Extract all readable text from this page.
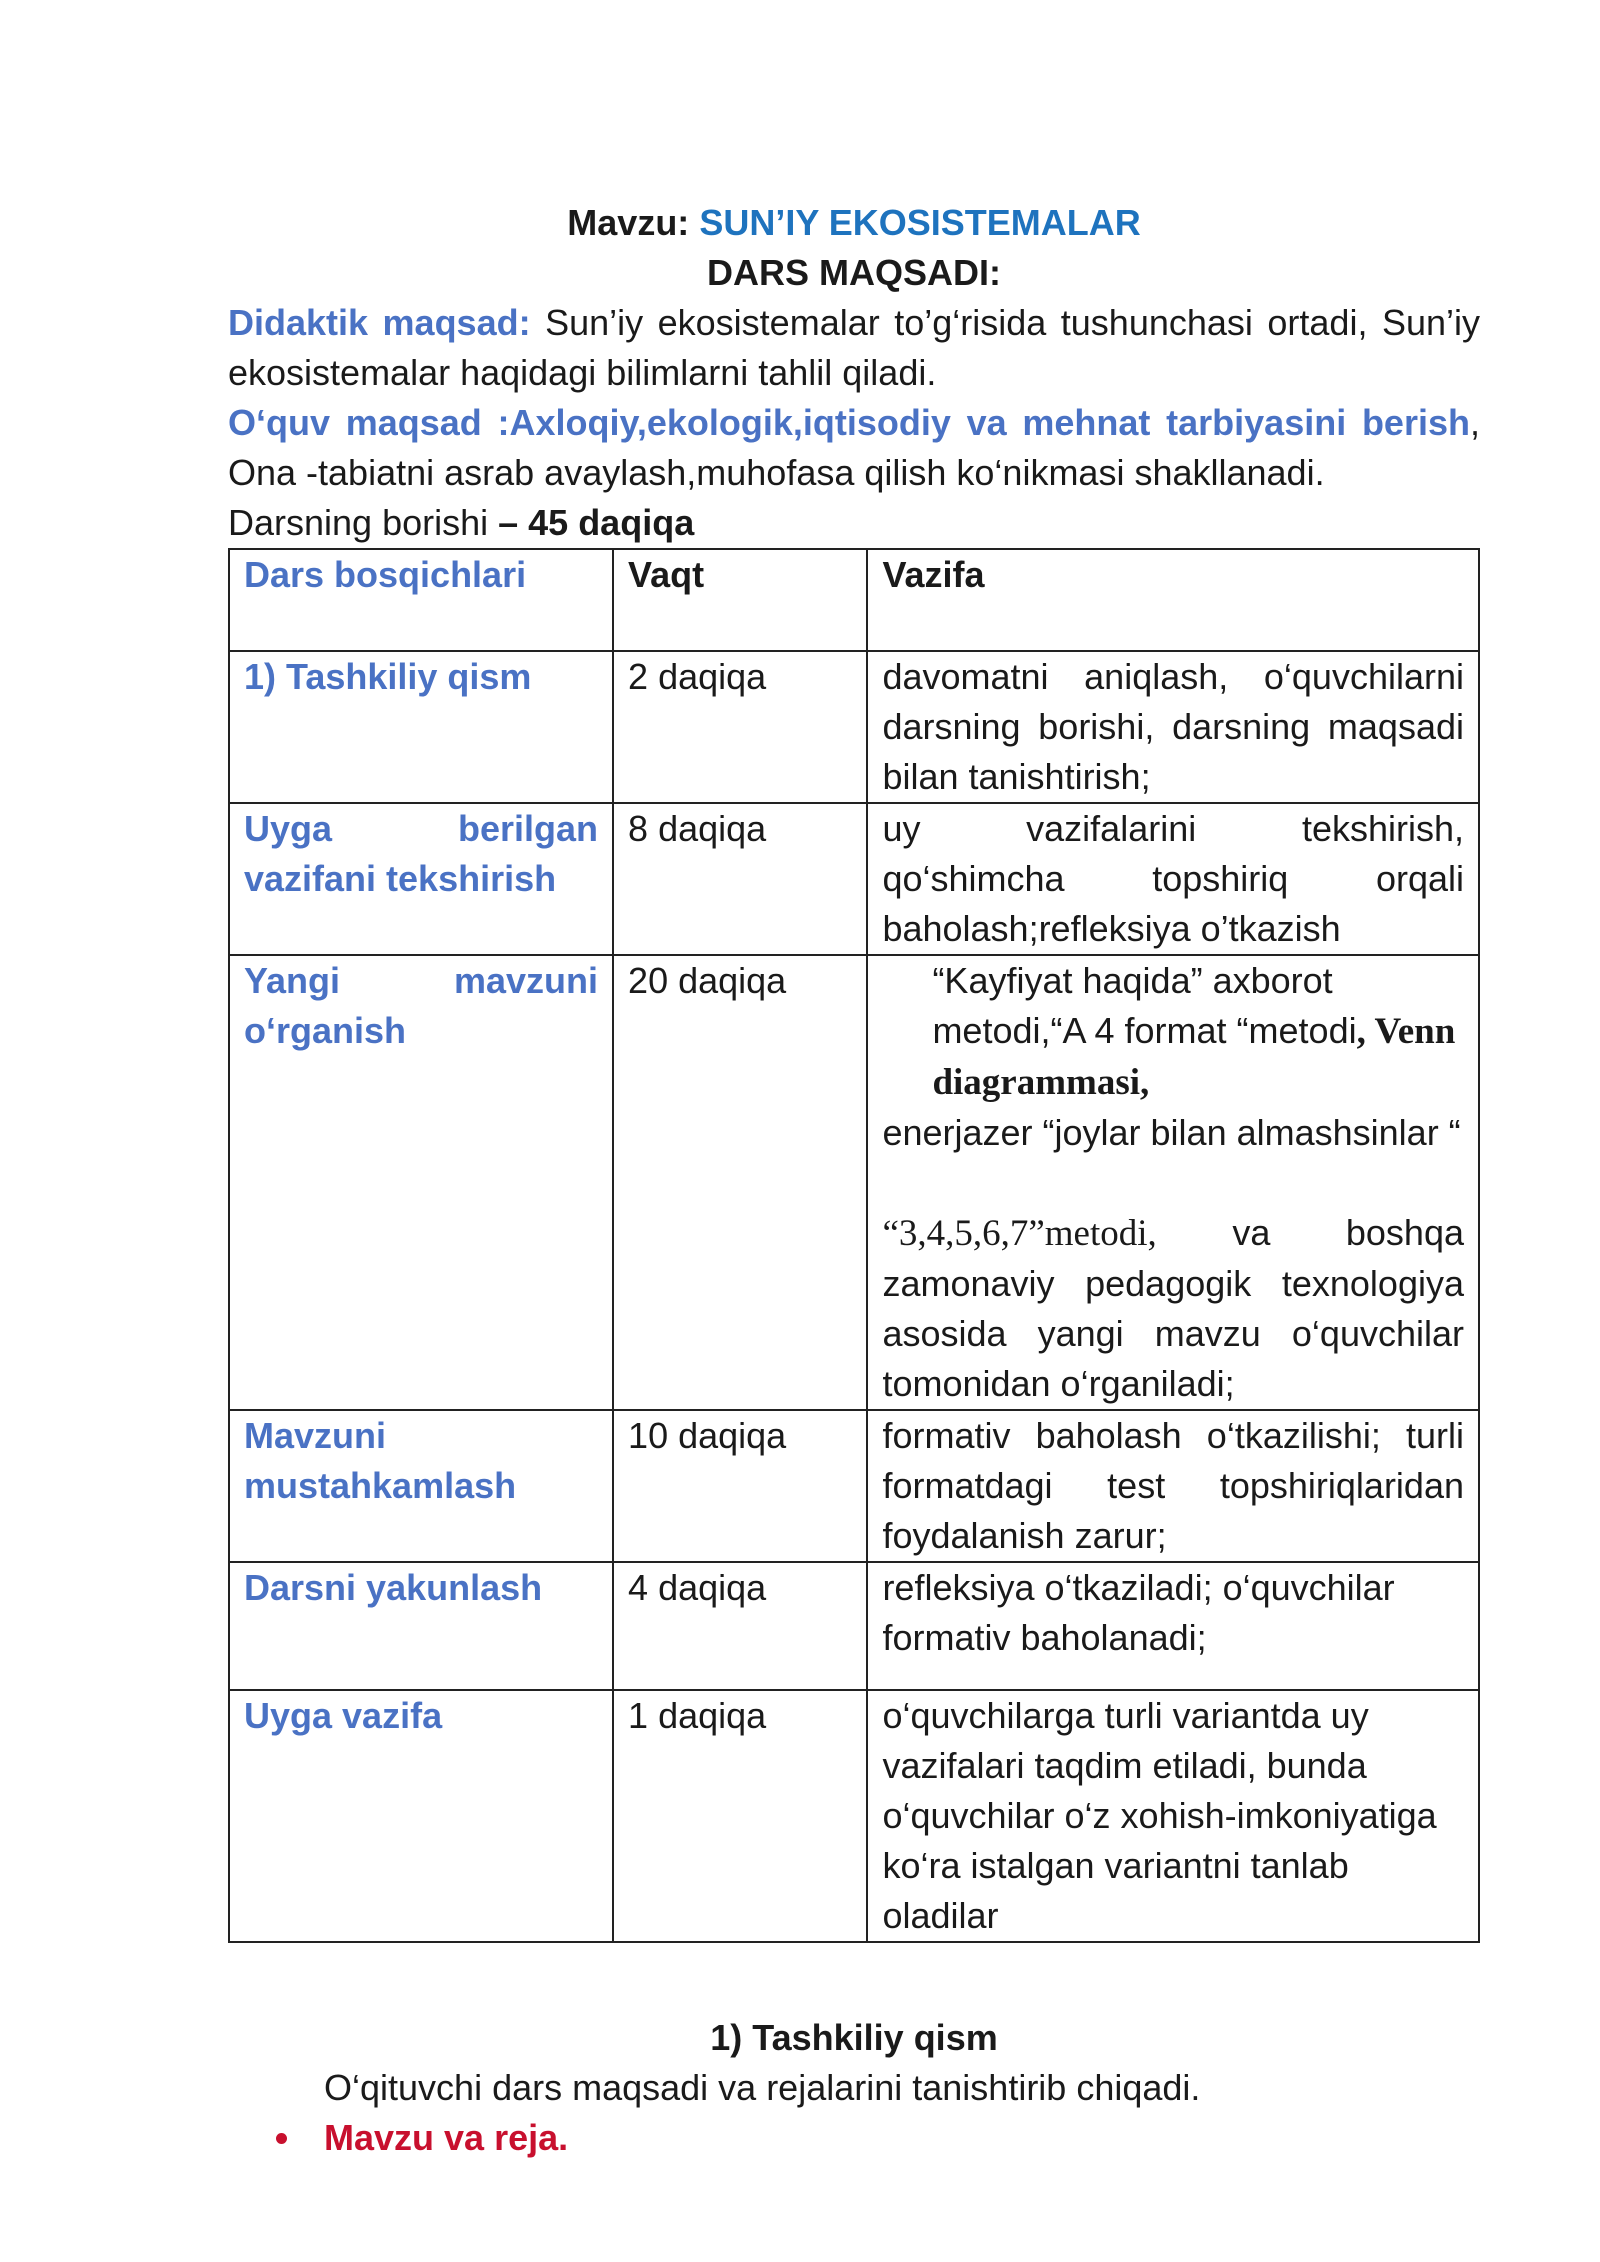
Mavzu: SUN’IY EKOSISTEMALAR
DARS MAQSADI:
Didaktik maqsad: Sun’iy ekosistemalar to’g‘risida tushunchasi ortadi, Sun’iy ekosistemalar haqidagi bilimlarni tahlil qiladi.
O‘quv maqsad :Axloqiy,ekologik,iqtisodiy va mehnat tarbiyasini berish, Ona -tabiatni asrab avaylash,muhofasa qilish ko‘nikmasi shakllanadi.
Darsning borishi – 45 daqiqa
Dars bosqichlari	Vaqt	Vazifa
1) Tashkiliy qism	2 daqiqa	davomatni aniqlash, o‘quvchilarni darsning borishi, darsning maqsadi bilan tanishtirish;
Uyga berilgan vazifani tekshirish	8 daqiqa	uy vazifalarini tekshirish, qo‘shimcha topshiriq orqali baholash;refleksiya o’tkazish
Yangi mavzuni o‘rganish	20 daqiqa	“Kayfiyat haqida” axborot metodi,“A 4 format “metodi, Venn diagrammasi,
enerjazer “joylar bilan almashsinlar “
“3,4,5,6,7”metodi, va boshqa zamonaviy pedagogik texnologiya asosida yangi mavzu o‘quvchilar tomonidan o‘rganiladi;

Mavzuni mustahkamlash	10 daqiqa	formativ baholash o‘tkazilishi; turli formatdagi test topshiriqlaridan foydalanish zarur;
Darsni yakunlash	4 daqiqa	refleksiya o‘tkaziladi; o‘quvchilar formativ baholanadi;
Uyga vazifa	1 daqiqa	o‘quvchilarga turli variantda uy vazifalari taqdim etiladi, bunda o‘quvchilar o‘z xohish-imkoniyatiga ko‘ra istalgan variantni tanlab oladilar
1) Tashkiliy qism
O‘qituvchi dars maqsadi va rejalarini tanishtirib chiqadi.
Mavzu va reja.
